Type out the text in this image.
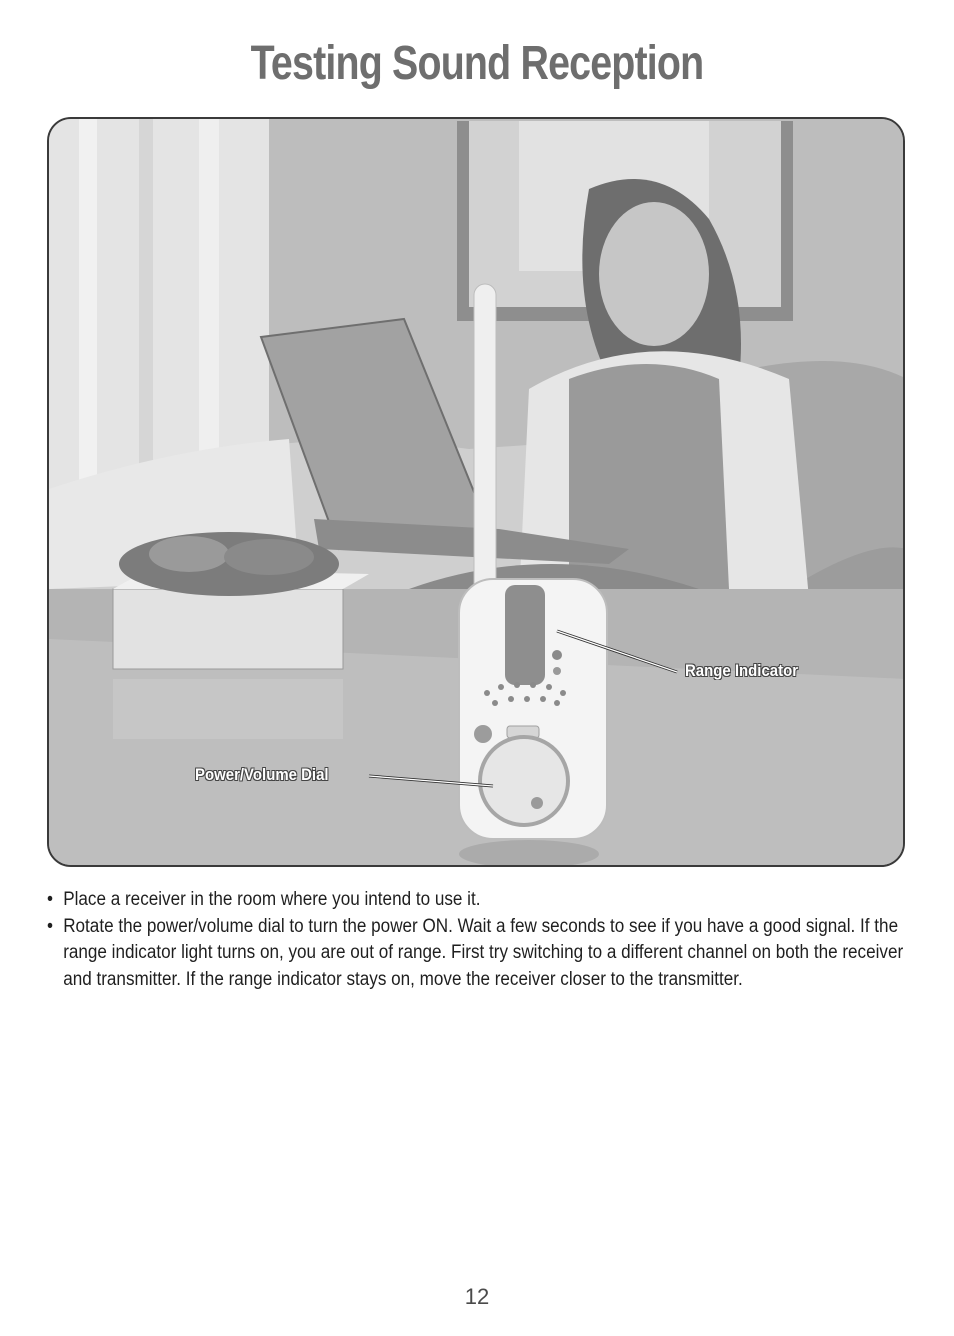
Testing Sound Reception
Range Indicator
Power/Volume Dial
• Place a receiver in the room where you intend to use it.
• Rotate the power/volume dial to turn the power ON. Wait a few seconds to see if you have a good signal. If the range indicator light turns on, you are out of range. First try switching to a different channel on both the receiver and transmitter. If the range indicator stays on, move the receiver closer to the transmitter.
12
